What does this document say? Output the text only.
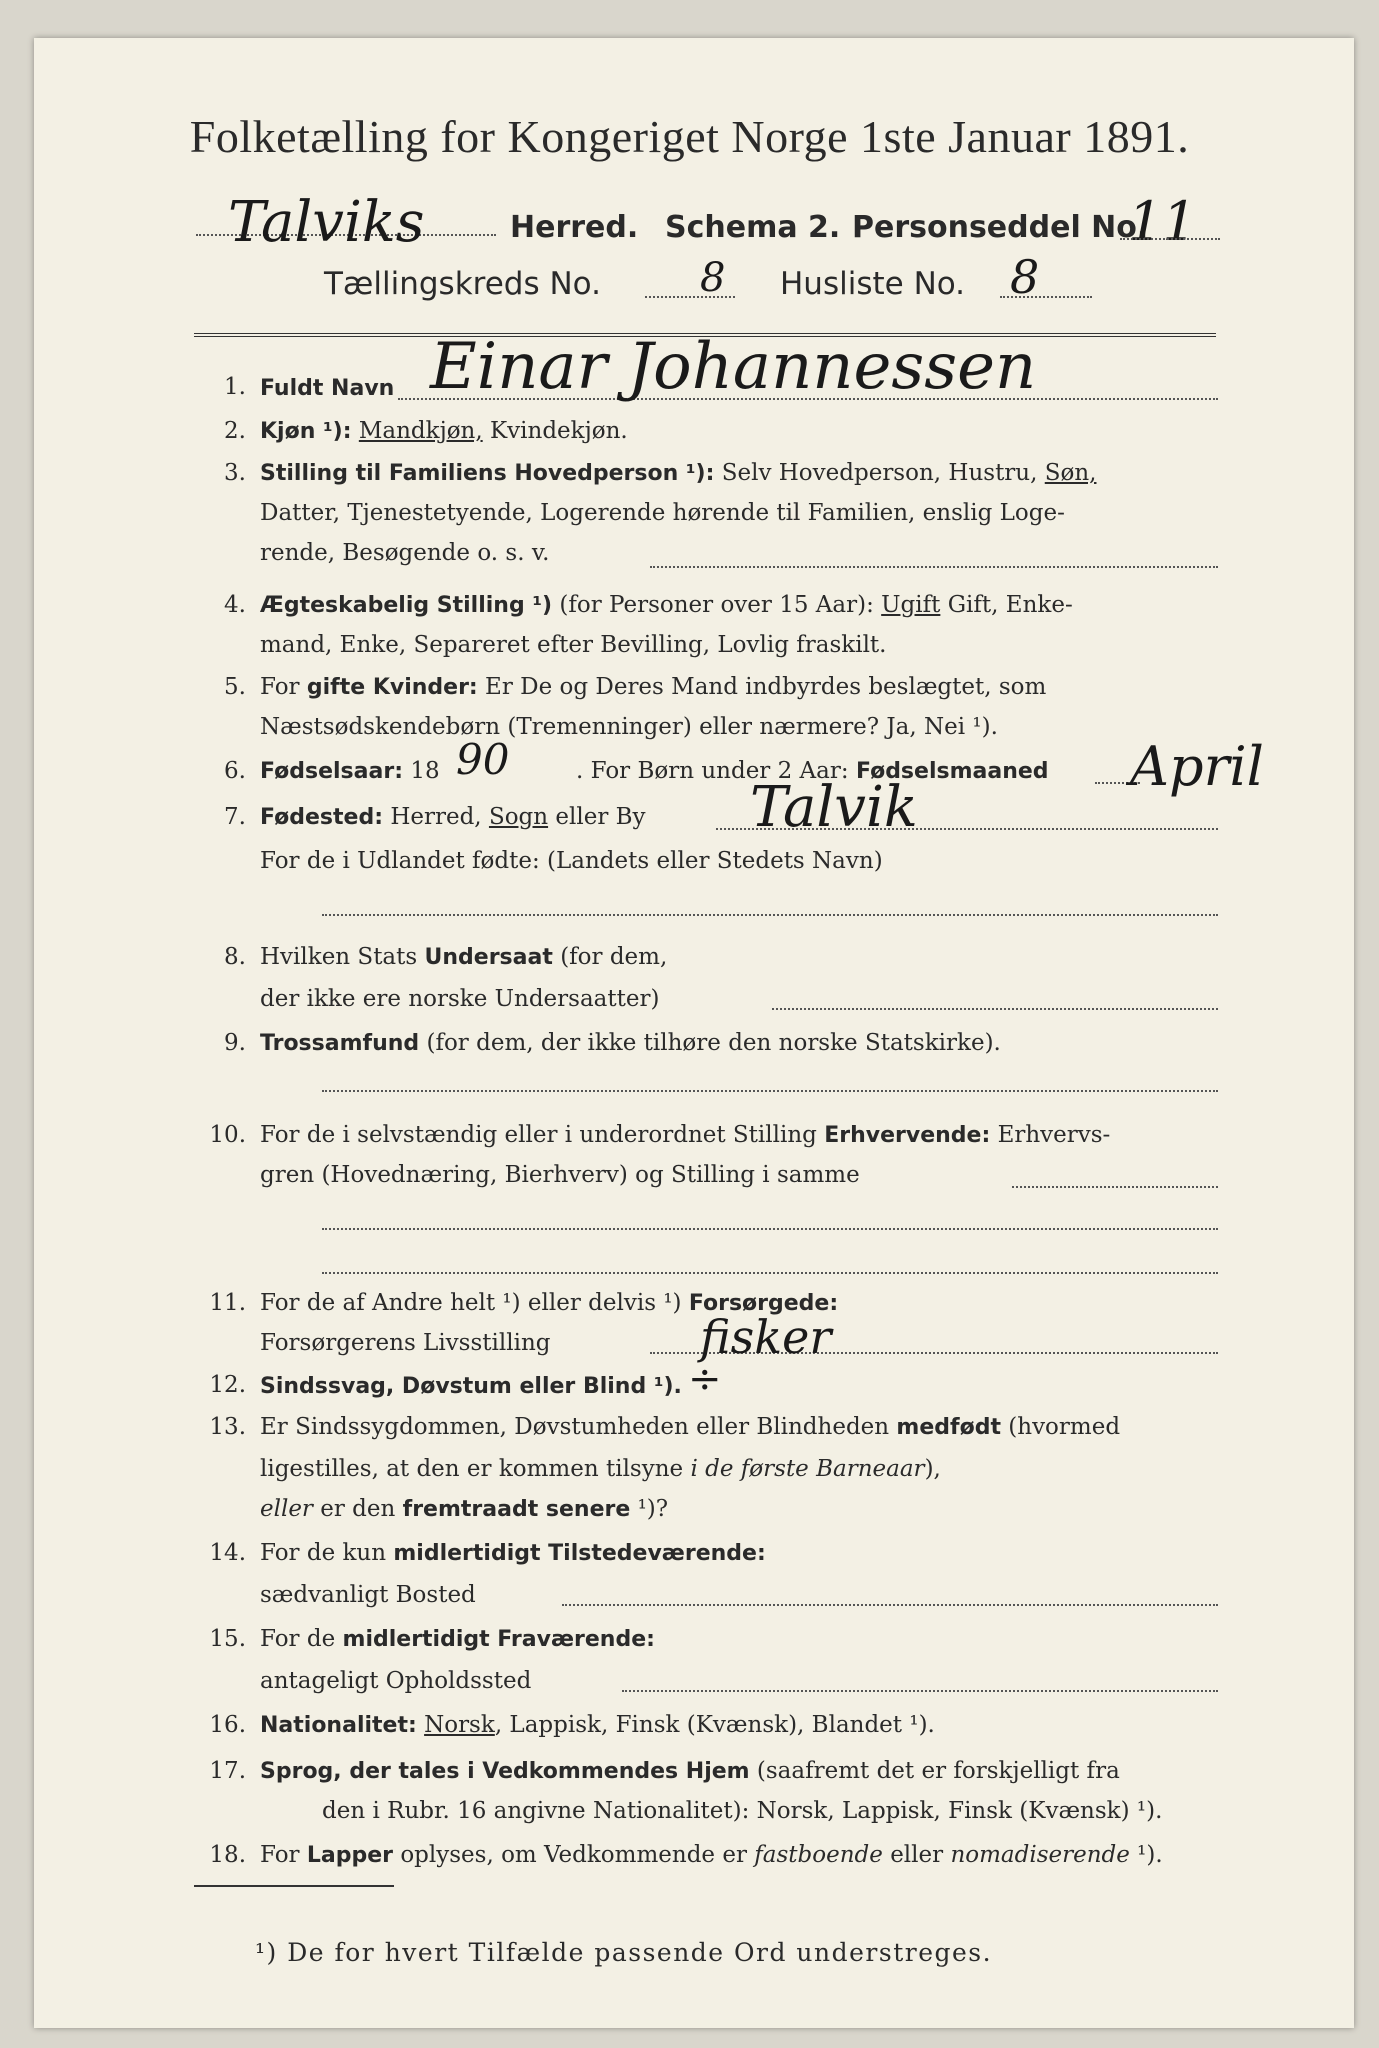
Folketælling for Kongeriget Norge 1ste Januar 1891.
Talviks	Herred. Schema 2. Personseddel No.
11
Tællingskreds No. 8 Husliste No. 8
1. Fuldt Navn Einar Johannessen
2. Kjøn ¹): Mandkjøn, Kvindekjøn.
3. Stilling til Familiens Hovedperson ¹): Selv Hovedperson, Hustru, Søn,
Datter, Tjenestetyende, Logerende hørende til Familien, enslig Loge-
rende, Besøgende o. s. v.
4. Ægteskabelig Stilling ¹) (for Personer over 15 Aar): Ugift Gift, Enke-
mand, Enke, Separeret efter Bevilling, Lovlig fraskilt.
5. For gifte Kvinder: Er De og Deres Mand indbyrdes beslægtet, som
Næstsødskendebørn (Tremenninger) eller nærmere? Ja, Nei ¹).
6. Fødselsaar: 18 90	. For Børn under 2 Aar: Fødselsmaaned April
7. Fødested: Herred, Sogn eller By Talvik
For de i Udlandet fødte: (Landets eller Stedets Navn)
8. Hvilken Stats Undersaat (for dem,
der ikke ere norske Undersaatter)
9. Trossamfund (for dem, der ikke tilhøre den norske Statskirke).
10. For de i selvstændig eller i underordnet Stilling Erhvervende: Erhvervs-
gren (Hovednæring, Bierhverv) og Stilling i samme
11. For de af Andre helt ¹) eller delvis ¹) Forsørgede:
Forsørgerens Livsstilling	fisker
12. Sindssvag, Døvstum eller Blind ¹). ÷
13. Er Sindssygdommen, Døvstumheden eller Blindheden medfødt (hvormed
ligestilles, at den er kommen tilsyne i de første Barneaar),
eller er den fremtraadt senere ¹)?
14. For de kun midlertidigt Tilstedeværende:
sædvanligt Bosted
15. For de midlertidigt Fraværende:
antageligt Opholdssted
16. Nationalitet: Norsk, Lappisk, Finsk (Kvænsk), Blandet ¹).
17. Sprog, der tales i Vedkommendes Hjem (saafremt det er forskjelligt fra
den i Rubr. 16 angivne Nationalitet): Norsk, Lappisk, Finsk (Kvænsk) ¹).
18. For Lapper oplyses, om Vedkommende er fastboende eller nomadiserende ¹).
¹) De for hvert Tilfælde passende Ord understreges.
